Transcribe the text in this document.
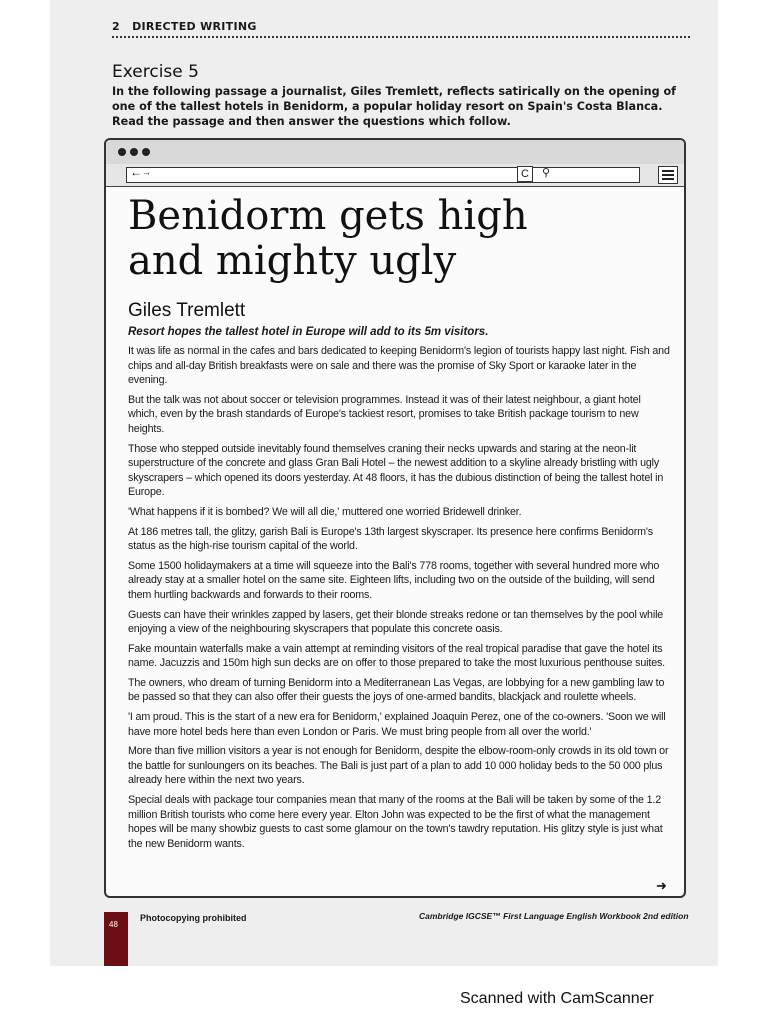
2 DIRECTED WRITING
Exercise 5
In the following passage a journalist, Giles Tremlett, reflects satirically on the opening of one of the tallest hotels in Benidorm, a popular holiday resort on Spain's Costa Blanca. Read the passage and then answer the questions which follow.
← →	C	⚲
Benidorm gets high
and mighty ugly
Giles Tremlett
Resort hopes the tallest hotel in Europe will add to its 5m visitors.

It was life as normal in the cafes and bars dedicated to keeping Benidorm's legion of tourists happy last night. Fish and chips and all-day British breakfasts were on sale and there was the promise of Sky Sport or karaoke later in the evening.

But the talk was not about soccer or television programmes. Instead it was of their latest neighbour, a giant hotel which, even by the brash standards of Europe's tackiest resort, promises to take British package tourism to new heights.

Those who stepped outside inevitably found themselves craning their necks upwards and staring at the neon-lit superstructure of the concrete and glass Gran Bali Hotel – the newest addition to a skyline already bristling with ugly skyscrapers – which opened its doors yesterday. At 48 floors, it has the dubious distinction of being the tallest hotel in Europe.

'What happens if it is bombed? We will all die,' muttered one worried Bridewell drinker.

At 186 metres tall, the glitzy, garish Bali is Europe's 13th largest skyscraper. Its presence here confirms Benidorm's status as the high-rise tourism capital of the world.

Some 1500 holidaymakers at a time will squeeze into the Bali's 778 rooms, together with several hundred more who already stay at a smaller hotel on the same site. Eighteen lifts, including two on the outside of the building, will send them hurtling backwards and forwards to their rooms.

Guests can have their wrinkles zapped by lasers, get their blonde streaks redone or tan themselves by the pool while enjoying a view of the neighbouring skyscrapers that populate this concrete oasis.

Fake mountain waterfalls make a vain attempt at reminding visitors of the real tropical paradise that gave the hotel its name. Jacuzzis and 150m high sun decks are on offer to those prepared to take the most luxurious penthouse suites.

The owners, who dream of turning Benidorm into a Mediterranean Las Vegas, are lobbying for a new gambling law to be passed so that they can also offer their guests the joys of one-armed bandits, blackjack and roulette wheels.

'I am proud. This is the start of a new era for Benidorm,' explained Joaquin Perez, one of the co-owners. 'Soon we will have more hotel beds here than even London or Paris. We must bring people from all over the world.'

More than five million visitors a year is not enough for Benidorm, despite the elbow-room-only crowds in its old town or the battle for sunloungers on its beaches. The Bali is just part of a plan to add 10 000 holiday beds to the 50 000 plus already here within the next two years.

Special deals with package tour companies mean that many of the rooms at the Bali will be taken by some of the 1.2 million British tourists who come here every year. Elton John was expected to be the first of what the management hopes will be many showbiz guests to cast some glamour on the town's tawdry reputation. His glitzy style is just what the new Benidorm wants.

➜
48
Photocopying prohibited	Cambridge IGCSE™ First Language English Workbook 2nd edition
Scanned with CamScanner
